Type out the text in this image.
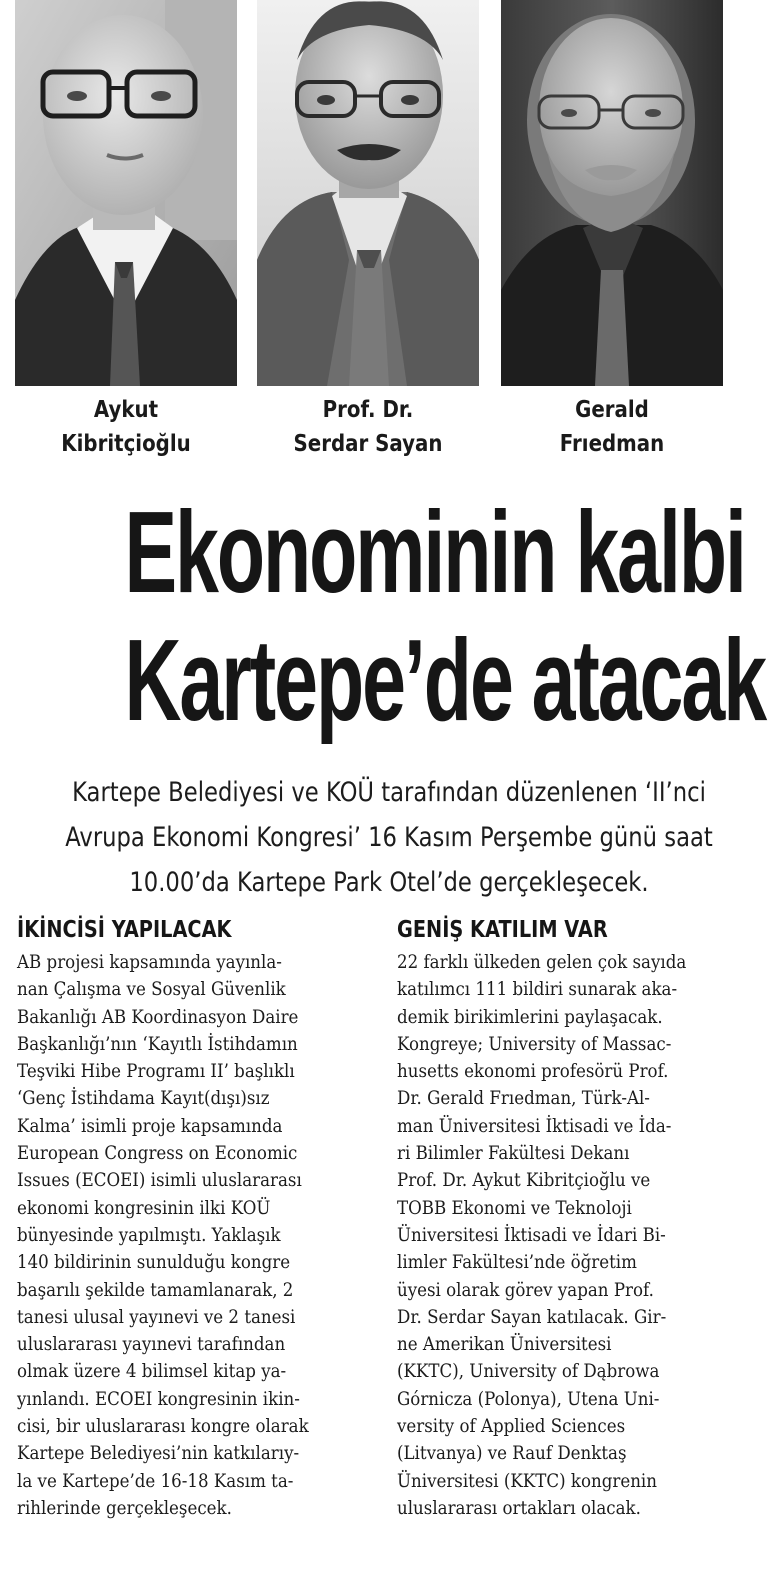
Aykut
Kibritçioğlu
Prof. Dr.
Serdar Sayan
Gerald
Frıedman
Ekonominin kalbi
Kartepe’de atacak
Kartepe Belediyesi ve KOÜ tarafından düzenlenen ‘II’nci
Avrupa Ekonomi Kongresi’ 16 Kasım Perşembe günü saat
10.00’da Kartepe Park Otel’de gerçekleşecek.
İKİNCİSİ YAPILACAK
AB projesi kapsamında yayınla-
nan Çalışma ve Sosyal Güvenlik
Bakanlığı AB Koordinasyon Daire
Başkanlığı’nın ‘Kayıtlı İstihdamın
Teşviki Hibe Programı II’ başlıklı
‘Genç İstihdama Kayıt(dışı)sız
Kalma’ isimli proje kapsamında
European Congress on Economic
Issues (ECOEI) isimli uluslararası
ekonomi kongresinin ilki KOÜ
bünyesinde yapılmıştı. Yaklaşık
140 bildirinin sunulduğu kongre
başarılı şekilde tamamlanarak, 2
tanesi ulusal yayınevi ve 2 tanesi
uluslararası yayınevi tarafından
olmak üzere 4 bilimsel kitap ya-
yınlandı. ECOEI kongresinin ikin-
cisi, bir uluslararası kongre olarak
Kartepe Belediyesi’nin katkılarıy-
la ve Kartepe’de 16-18 Kasım ta-
rihlerinde gerçekleşecek.
GENİŞ KATILIM VAR
22 farklı ülkeden gelen çok sayıda
katılımcı 111 bildiri sunarak aka-
demik birikimlerini paylaşacak.
Kongreye; University of Massac-
husetts ekonomi profesörü Prof.
Dr. Gerald Frıedman, Türk-Al-
man Üniversitesi İktisadi ve İda-
ri Bilimler Fakültesi Dekanı
Prof. Dr. Aykut Kibritçioğlu ve
TOBB Ekonomi ve Teknoloji
Üniversitesi İktisadi ve İdari Bi-
limler Fakültesi’nde öğretim
üyesi olarak görev yapan Prof.
Dr. Serdar Sayan katılacak. Gir-
ne Amerikan Üniversitesi
(KKTC), University of Dąbrowa
Górnicza (Polonya), Utena Uni-
versity of Applied Sciences
(Litvanya) ve Rauf Denktaş
Üniversitesi (KKTC) kongrenin
uluslararası ortakları olacak.
